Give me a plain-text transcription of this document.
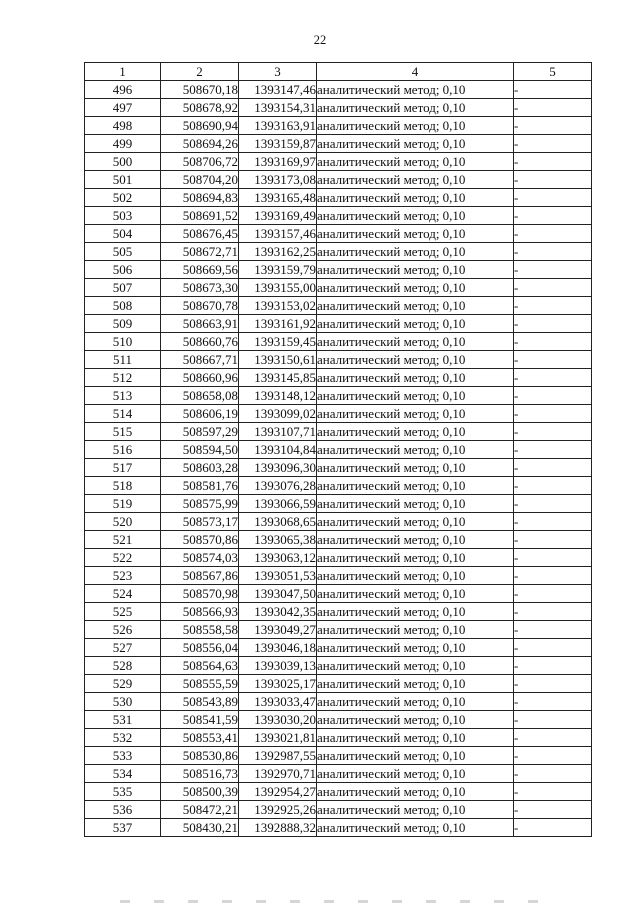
22
1	2	3	4	5
496	508670,18	1393147,46	аналитический метод; 0,10	-
497	508678,92	1393154,31	аналитический метод; 0,10	-
498	508690,94	1393163,91	аналитический метод; 0,10	-
499	508694,26	1393159,87	аналитический метод; 0,10	-
500	508706,72	1393169,97	аналитический метод; 0,10	-
501	508704,20	1393173,08	аналитический метод; 0,10	-
502	508694,83	1393165,48	аналитический метод; 0,10	-
503	508691,52	1393169,49	аналитический метод; 0,10	-
504	508676,45	1393157,46	аналитический метод; 0,10	-
505	508672,71	1393162,25	аналитический метод; 0,10	-
506	508669,56	1393159,79	аналитический метод; 0,10	-
507	508673,30	1393155,00	аналитический метод; 0,10	-
508	508670,78	1393153,02	аналитический метод; 0,10	-
509	508663,91	1393161,92	аналитический метод; 0,10	-
510	508660,76	1393159,45	аналитический метод; 0,10	-
511	508667,71	1393150,61	аналитический метод; 0,10	-
512	508660,96	1393145,85	аналитический метод; 0,10	-
513	508658,08	1393148,12	аналитический метод; 0,10	-
514	508606,19	1393099,02	аналитический метод; 0,10	-
515	508597,29	1393107,71	аналитический метод; 0,10	-
516	508594,50	1393104,84	аналитический метод; 0,10	-
517	508603,28	1393096,30	аналитический метод; 0,10	-
518	508581,76	1393076,28	аналитический метод; 0,10	-
519	508575,99	1393066,59	аналитический метод; 0,10	-
520	508573,17	1393068,65	аналитический метод; 0,10	-
521	508570,86	1393065,38	аналитический метод; 0,10	-
522	508574,03	1393063,12	аналитический метод; 0,10	-
523	508567,86	1393051,53	аналитический метод; 0,10	-
524	508570,98	1393047,50	аналитический метод; 0,10	-
525	508566,93	1393042,35	аналитический метод; 0,10	-
526	508558,58	1393049,27	аналитический метод; 0,10	-
527	508556,04	1393046,18	аналитический метод; 0,10	-
528	508564,63	1393039,13	аналитический метод; 0,10	-
529	508555,59	1393025,17	аналитический метод; 0,10	-
530	508543,89	1393033,47	аналитический метод; 0,10	-
531	508541,59	1393030,20	аналитический метод; 0,10	-
532	508553,41	1393021,81	аналитический метод; 0,10	-
533	508530,86	1392987,55	аналитический метод; 0,10	-
534	508516,73	1392970,71	аналитический метод; 0,10	-
535	508500,39	1392954,27	аналитический метод; 0,10	-
536	508472,21	1392925,26	аналитический метод; 0,10	-
537	508430,21	1392888,32	аналитический метод; 0,10	-
